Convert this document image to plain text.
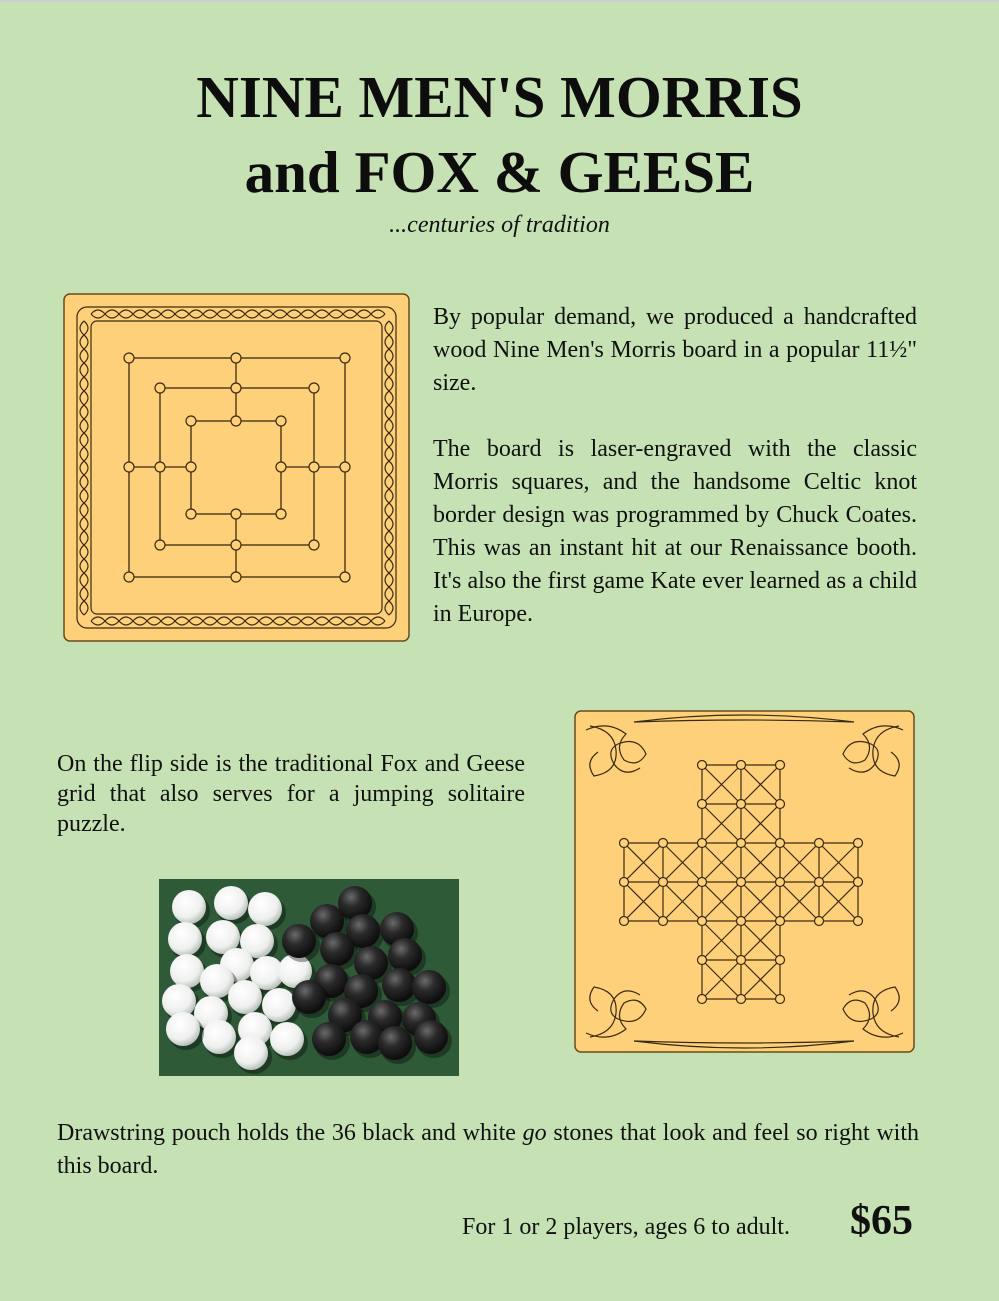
NINE MEN'S MORRIS
and FOX & GEESE
...centuries of tradition
By popular demand, we produced a handcrafted wood Nine Men's Morris board in a popular 11½" size.
The board is laser-engraved with the classic Morris squares, and the handsome Celtic knot border design was programmed by Chuck Coates. This was an instant hit at our Renaissance booth. It's also the first game Kate ever learned as a child in Europe.
On the flip side is the traditional Fox and Geese grid that also serves for a jumping solitaire puzzle.
Drawstring pouch holds the 36 black and white go stones that look and feel so right with this board.
For 1 or 2 players, ages 6 to adult. $65
